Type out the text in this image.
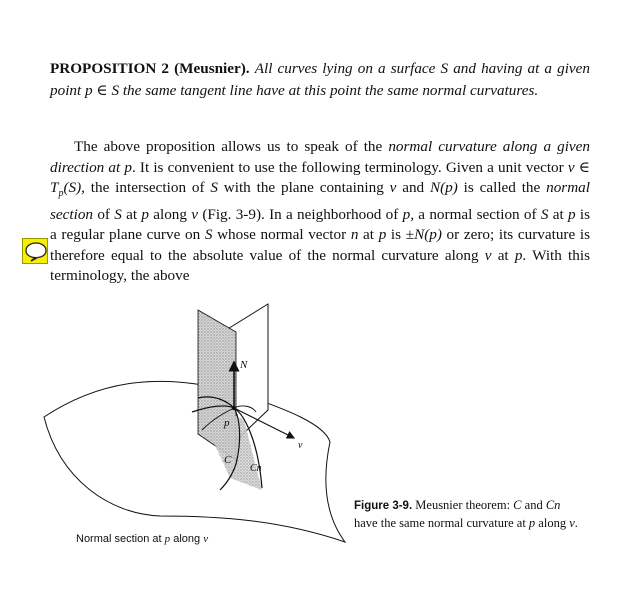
PROPOSITION 2 (Meusnier). All curves lying on a surface S and having at a given point p ∈ S the same tangent line have at this point the same normal curvatures.
The above proposition allows us to speak of the normal curvature along a given direction at p. It is convenient to use the following terminology. Given a unit vector v ∈ $T_p(S)$, the intersection of S with the plane containing v and N(p) is called the normal section of S at p along v (Fig. 3-9). In a neighborhood of p, a normal section of S at p is a regular plane curve on S whose normal vector n at p is ±N(p) or zero; its curvature is therefore equal to the absolute value of the normal curvature along v at p. With this terminology, the above
N
p
C
Cn
v
Normal section at p along v
Figure 3-9. Meusnier theorem: C and Cn have the same normal curvature at p along v.
